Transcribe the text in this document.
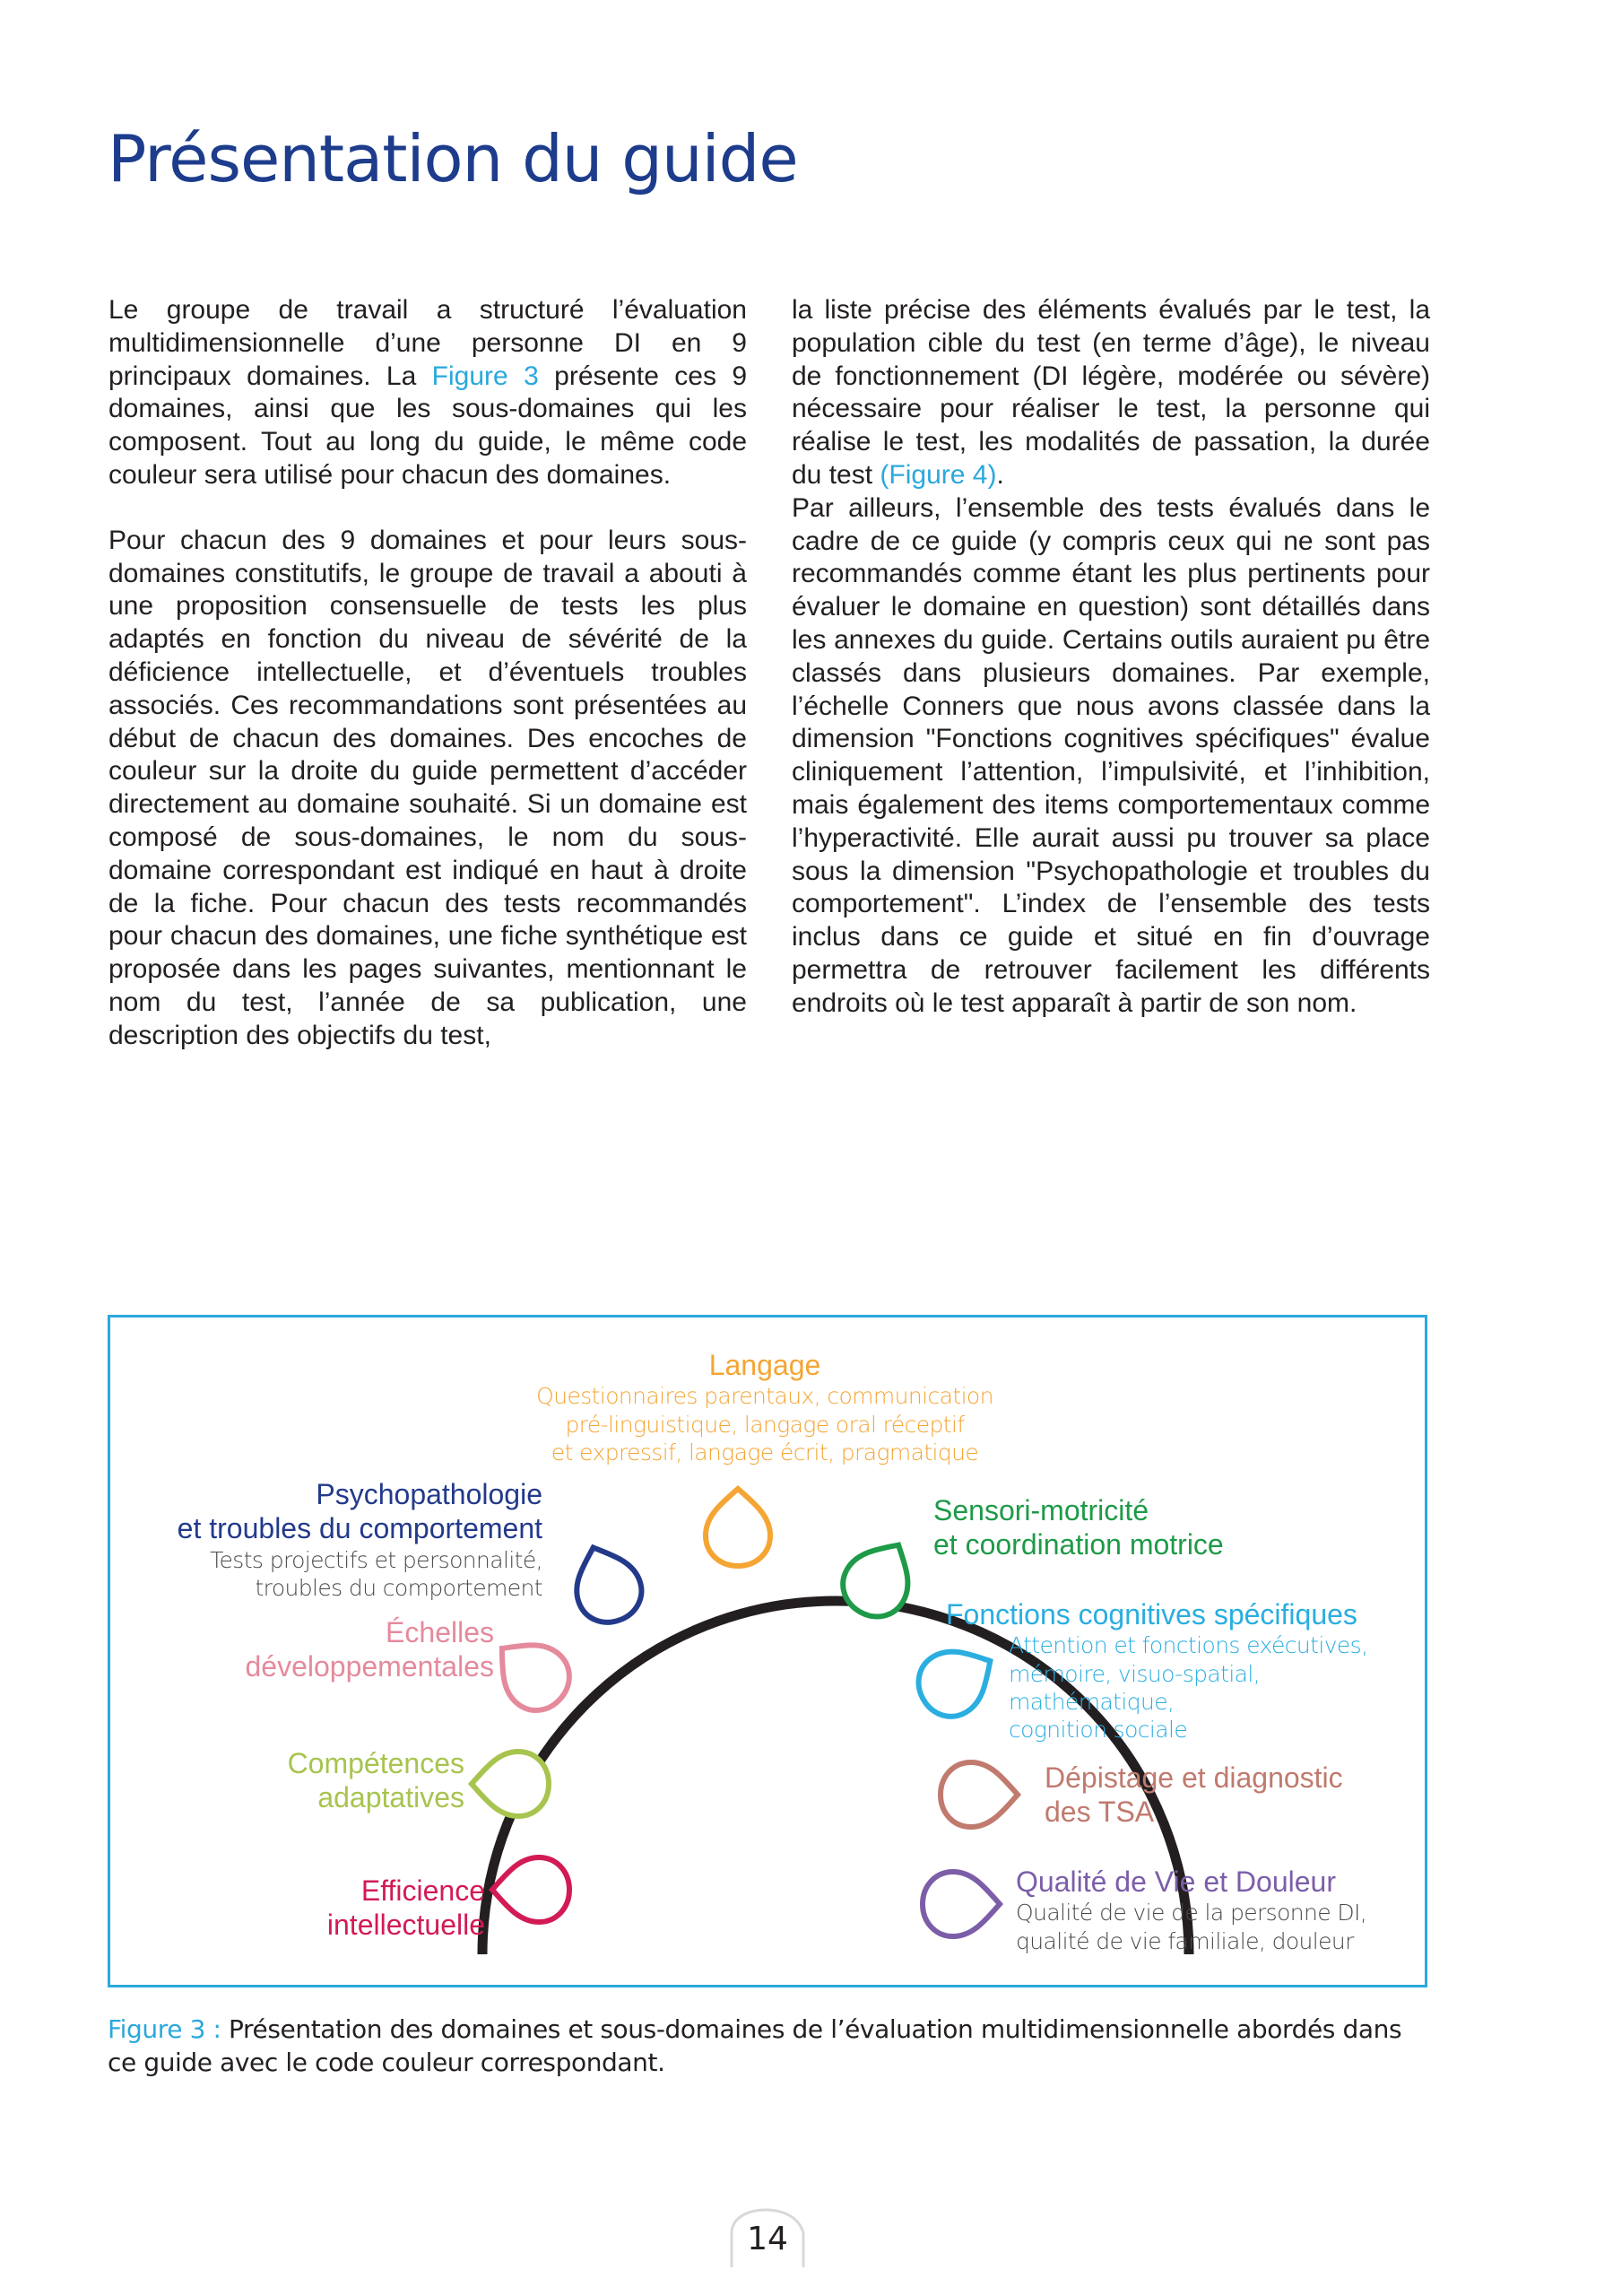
Présentation du guide

Le groupe de travail a structuré l’évaluation multidimensionnelle d’une personne DI en 9 principaux domaines. La Figure 3 présente ces 9 domaines, ainsi que les sous-domaines qui les composent. Tout au long du guide, le même code couleur sera utilisé pour chacun des domaines.

Pour chacun des 9 domaines et pour leurs sous-domaines constitutifs, le groupe de travail a abouti à une proposition consensuelle de tests les plus adaptés en fonction du niveau de sévérité de la déficience intellectuelle, et d’éventuels troubles associés. Ces recommandations sont présentées au début de chacun des domaines. Des encoches de couleur sur la droite du guide permettent d’accéder directement au domaine souhaité. Si un domaine est composé de sous-domaines, le nom du sous-domaine correspondant est indiqué en haut à droite de la fiche. Pour chacun des tests recommandés pour chacun des domaines, une fiche synthétique est proposée dans les pages suivantes, mentionnant le nom du test, l’année de sa publication, une description des objectifs du test,

la liste précise des éléments évalués par le test, la population cible du test (en terme d’âge), le niveau de fonctionnement (DI légère, modérée ou sévère) nécessaire pour réaliser le test, la personne qui réalise le test, les modalités de passation, la durée du test (Figure 4).

Par ailleurs, l’ensemble des tests évalués dans le cadre de ce guide (y compris ceux qui ne sont pas recommandés comme étant les plus pertinents pour évaluer le domaine en question) sont détaillés dans les annexes du guide. Certains outils auraient pu être classés dans plusieurs domaines. Par exemple, l’échelle Conners que nous avons classée dans la dimension "Fonctions cognitives spécifiques" évalue cliniquement l’attention, l’impulsivité, et l’inhibition, mais également des items comportementaux comme l’hyperactivité. Elle aurait aussi pu trouver sa place sous la dimension "Psychopathologie et troubles du comportement". L’index de l’ensemble des tests inclus dans ce guide et situé en fin d’ouvrage permettra de retrouver facilement les différents endroits où le test apparaît à partir de son nom.

Langage
Questionnaires parentaux, communication
pré-linguistique, langage oral réceptif
et expressif, langage écrit, pragmatique
Psychopathologie
et troubles du comportement
Tests projectifs et personnalité,
troubles du comportement
Échelles
développementales
Compétences
adaptatives
Efficience
intellectuelle
Sensori-motricité
et coordination motrice
Fonctions cognitives spécifiques
Attention et fonctions exécutives,
mémoire, visuo-spatial, mathématique,
cognition sociale
Dépistage et diagnostic
des TSA
Qualité de Vie et Douleur
Qualité de vie de la personne DI,
qualité de vie familiale, douleur
Figure 3 : Présentation des domaines et sous-domaines de l’évaluation multidimensionnelle abordés dans ce guide avec le code couleur correspondant.
14
